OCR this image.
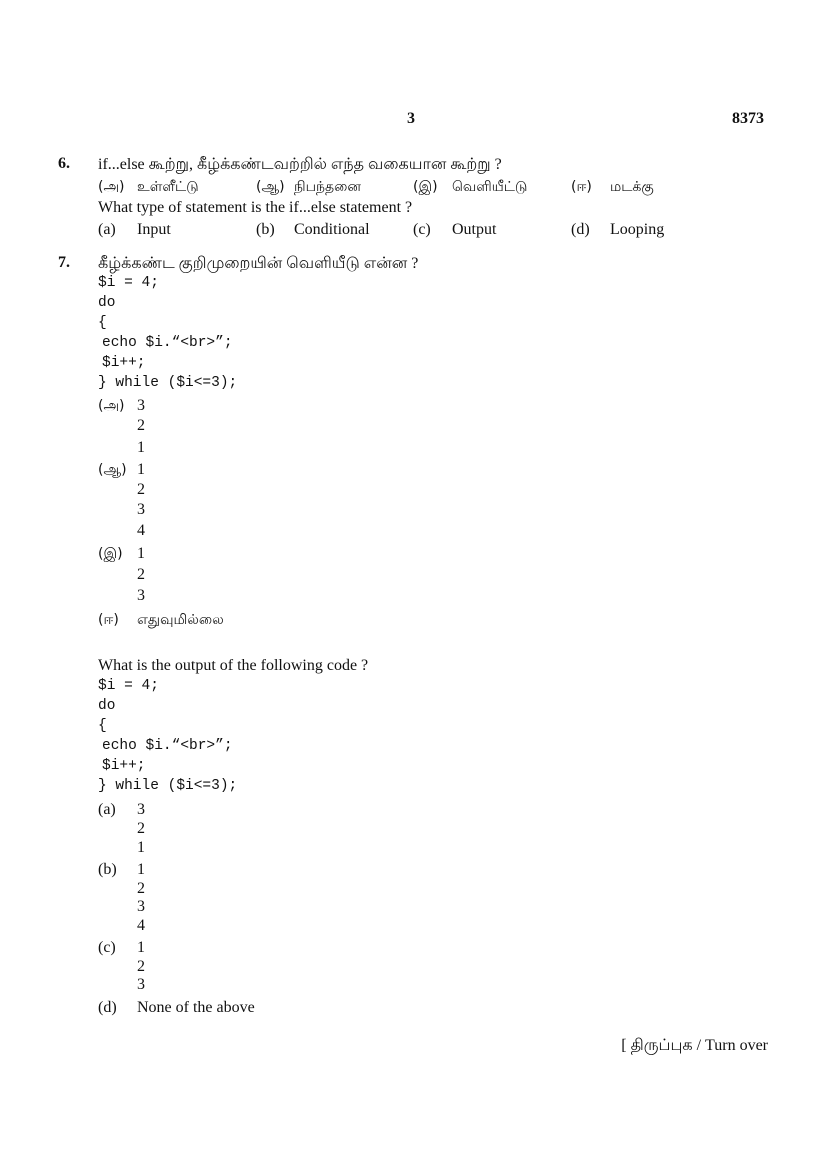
3	8373
6. if...else கூற்று, கீழ்க்கண்டவற்றில் எந்த வகையான கூற்று ?
(அ) உள்ளீட்டு	(ஆ) நிபந்தனை	(இ) வெளியீட்டு	(ஈ) மடக்கு
What type of statement is the if...else statement ?
(a) Input	(b) Conditional	(c) Output	(d) Looping
7. கீழ்க்கண்ட குறிமுறையின் வெளியீடு என்ன ?
$i = 4;
do
{
echo $i.“<br>”;
$i++;
} while ($i<=3);
(அ) 3
2
1
(ஆ) 1
2
3
4
(இ) 1
2
3
(ஈ) எதுவுமில்லை
What is the output of the following code ?
$i = 4;
do
{
echo $i.“<br>”;
$i++;
} while ($i<=3);
(a) 3
2
1
(b) 1
2
3
4
(c) 1
2
3
(d) None of the above
[ திருப்புக / Turn over
